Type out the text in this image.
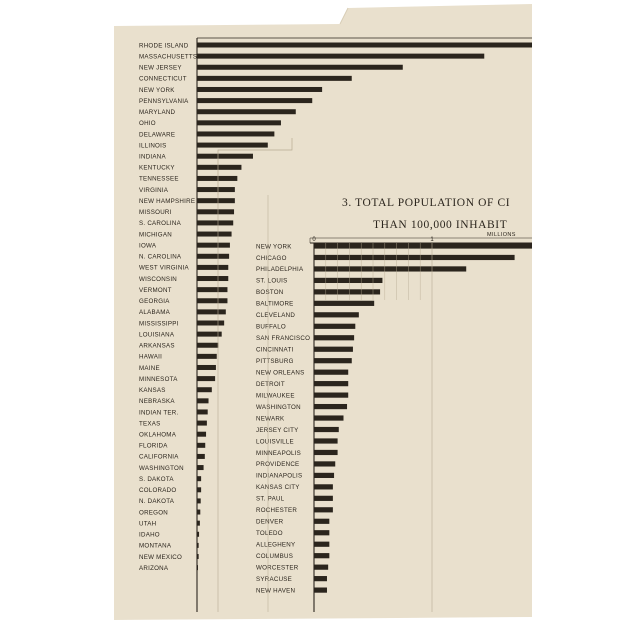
3. TOTAL POPULATION OF CI
THAN 100,000 INHABIT
MILLIONS
0	1
RHODE ISLAND
MASSACHUSETTS
NEW JERSEY
CONNECTICUT
NEW YORK
PENNSYLVANIA
MARYLAND
OHIO
DELAWARE
ILLINOIS
INDIANA
KENTUCKY
TENNESSEE
VIRGINIA
NEW HAMPSHIRE
MISSOURI
S. CAROLINA
MICHIGAN
IOWA
N. CAROLINA
WEST VIRGINIA
WISCONSIN
VERMONT
GEORGIA
ALABAMA
MISSISSIPPI
LOUISIANA
ARKANSAS
HAWAII
MAINE
MINNESOTA
KANSAS
NEBRASKA
INDIAN TER.
TEXAS
OKLAHOMA
FLORIDA
CALIFORNIA
WASHINGTON
S. DAKOTA
COLORADO
N. DAKOTA
OREGON
UTAH
IDAHO
MONTANA
NEW MEXICO
ARIZONA
NEW YORK
CHICAGO
PHILADELPHIA
ST. LOUIS
BOSTON
BALTIMORE
CLEVELAND
BUFFALO
SAN FRANCISCO
CINCINNATI
PITTSBURG
NEW ORLEANS
DETROIT
MILWAUKEE
WASHINGTON
NEWARK
JERSEY CITY
LOUISVILLE
MINNEAPOLIS
PROVIDENCE
INDIANAPOLIS
KANSAS CITY
ST. PAUL
ROCHESTER
DENVER
TOLEDO
ALLEGHENY
COLUMBUS
WORCESTER
SYRACUSE
NEW HAVEN
